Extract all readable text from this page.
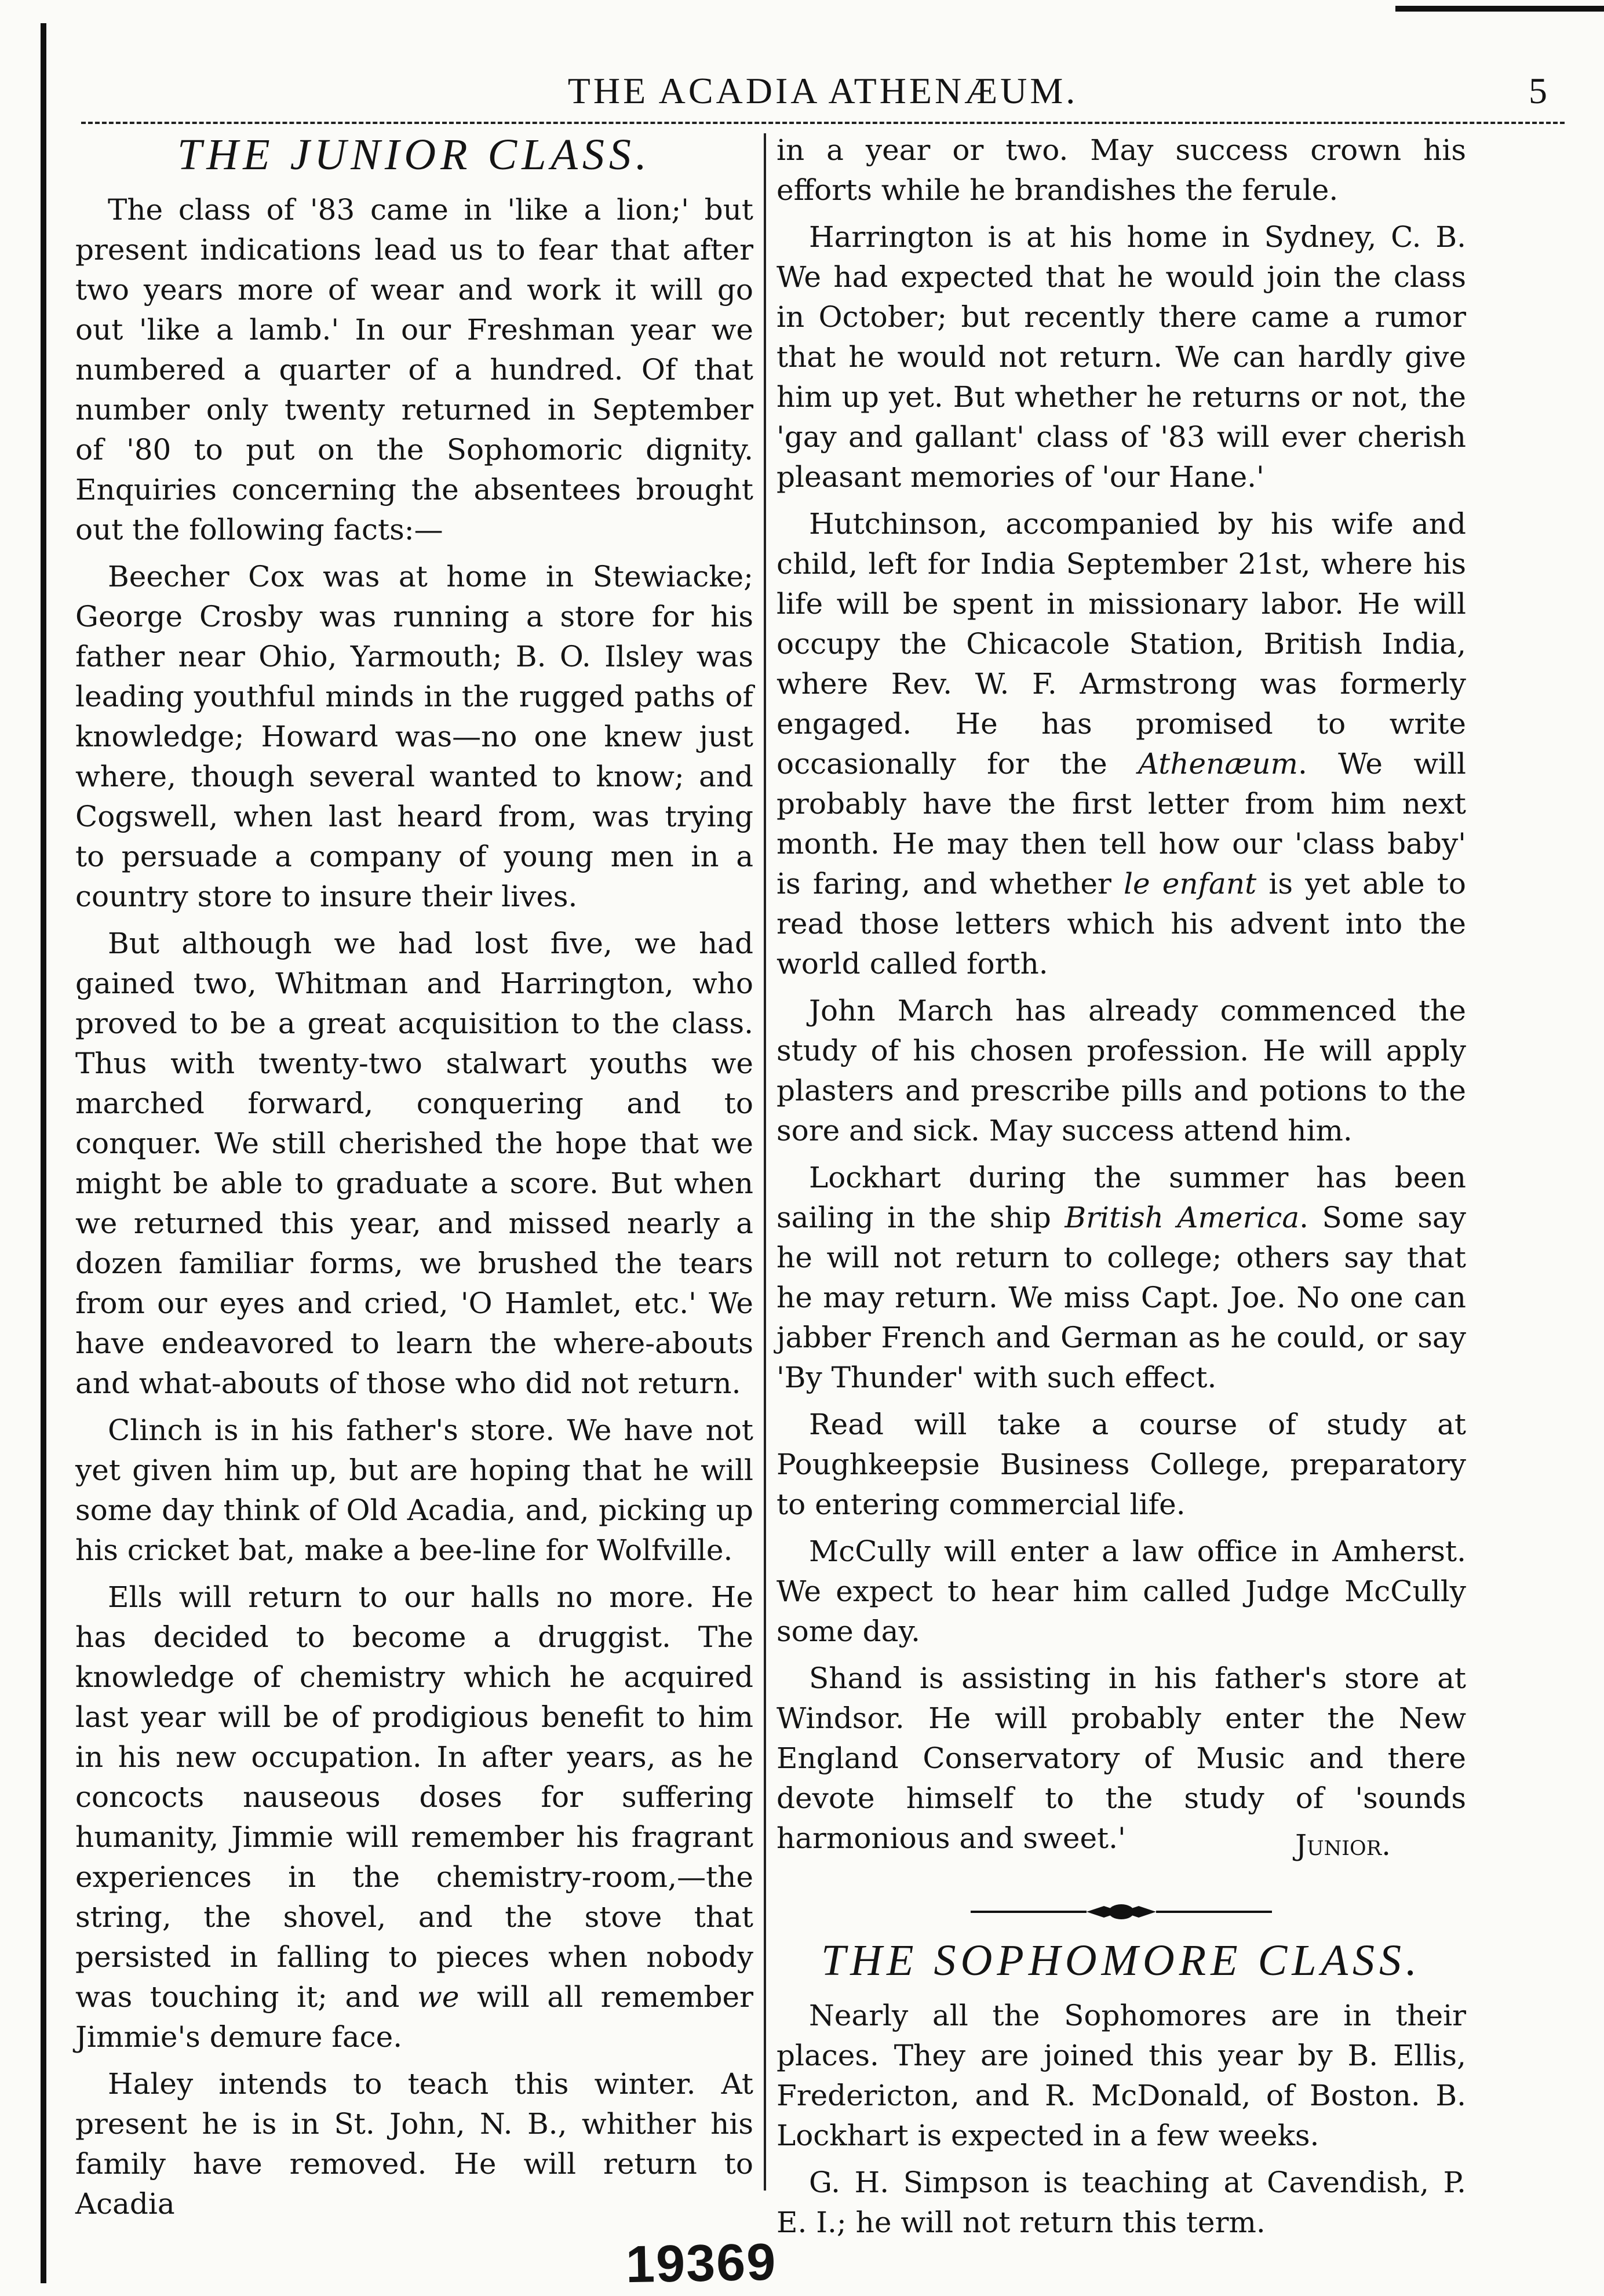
THE ACADIA ATHENÆUM.	5
THE JUNIOR CLASS.

The class of '83 came in 'like a lion;' but present indications lead us to fear that after two years more of wear and work it will go out 'like a lamb.' In our Freshman year we numbered a quarter of a hundred. Of that number only twenty returned in September of '80 to put on the Sophomoric dignity. Enquiries concerning the absentees brought out the following facts:—

Beecher Cox was at home in Stewiacke; George Crosby was running a store for his father near Ohio, Yarmouth; B. O. Ilsley was leading youthful minds in the rugged paths of knowledge; Howard was—no one knew just where, though several wanted to know; and Cogswell, when last heard from, was trying to persuade a company of young men in a country store to insure their lives.

But although we had lost five, we had gained two, Whitman and Harrington, who proved to be a great acquisition to the class. Thus with twenty-two stalwart youths we marched forward, conquering and to conquer. We still cherished the hope that we might be able to graduate a score. But when we returned this year, and missed nearly a dozen familiar forms, we brushed the tears from our eyes and cried, 'O Hamlet, etc.' We have endeavored to learn the where-abouts and what-abouts of those who did not return.

Clinch is in his father's store. We have not yet given him up, but are hoping that he will some day think of Old Acadia, and, picking up his cricket bat, make a bee-line for Wolfville.

Ells will return to our halls no more. He has decided to become a druggist. The knowledge of chemistry which he acquired last year will be of prodigious benefit to him in his new occupation. In after years, as he concocts nauseous doses for suffering humanity, Jimmie will remember his fragrant experiences in the chemistry-room,—the string, the shovel, and the stove that persisted in falling to pieces when nobody was touching it; and we will all remember Jimmie's demure face.

Haley intends to teach this winter. At present he is in St. John, N. B., whither his family have removed. He will return to Acadia

in a year or two. May success crown his efforts while he brandishes the ferule.

Harrington is at his home in Sydney, C. B. We had expected that he would join the class in October; but recently there came a rumor that he would not return. We can hardly give him up yet. But whether he returns or not, the 'gay and gallant' class of '83 will ever cherish pleasant memories of 'our Hane.'

Hutchinson, accompanied by his wife and child, left for India September 21st, where his life will be spent in missionary labor. He will occupy the Chicacole Station, British India, where Rev. W. F. Armstrong was formerly engaged. He has promised to write occasionally for the Athenæum. We will probably have the first letter from him next month. He may then tell how our 'class baby' is faring, and whether le enfant is yet able to read those letters which his advent into the world called forth.

John March has already commenced the study of his chosen profession. He will apply plasters and prescribe pills and potions to the sore and sick. May success attend him.

Lockhart during the summer has been sailing in the ship British America. Some say he will not return to college; others say that he may return. We miss Capt. Joe. No one can jabber French and German as he could, or say 'By Thunder' with such effect.

Read will take a course of study at Poughkeepsie Business College, preparatory to entering commercial life.

McCully will enter a law office in Amherst. We expect to hear him called Judge McCully some day.

Shand is assisting in his father's store at Windsor. He will probably enter the New England Conservatory of Music and there devote himself to the study of 'sounds harmonious and sweet.'	Junior.
THE SOPHOMORE CLASS.

Nearly all the Sophomores are in their places. They are joined this year by B. Ellis, Fredericton, and R. McDonald, of Boston. B. Lockhart is expected in a few weeks.

G. H. Simpson is teaching at Cavendish, P. E. I.; he will not return this term.

19369
